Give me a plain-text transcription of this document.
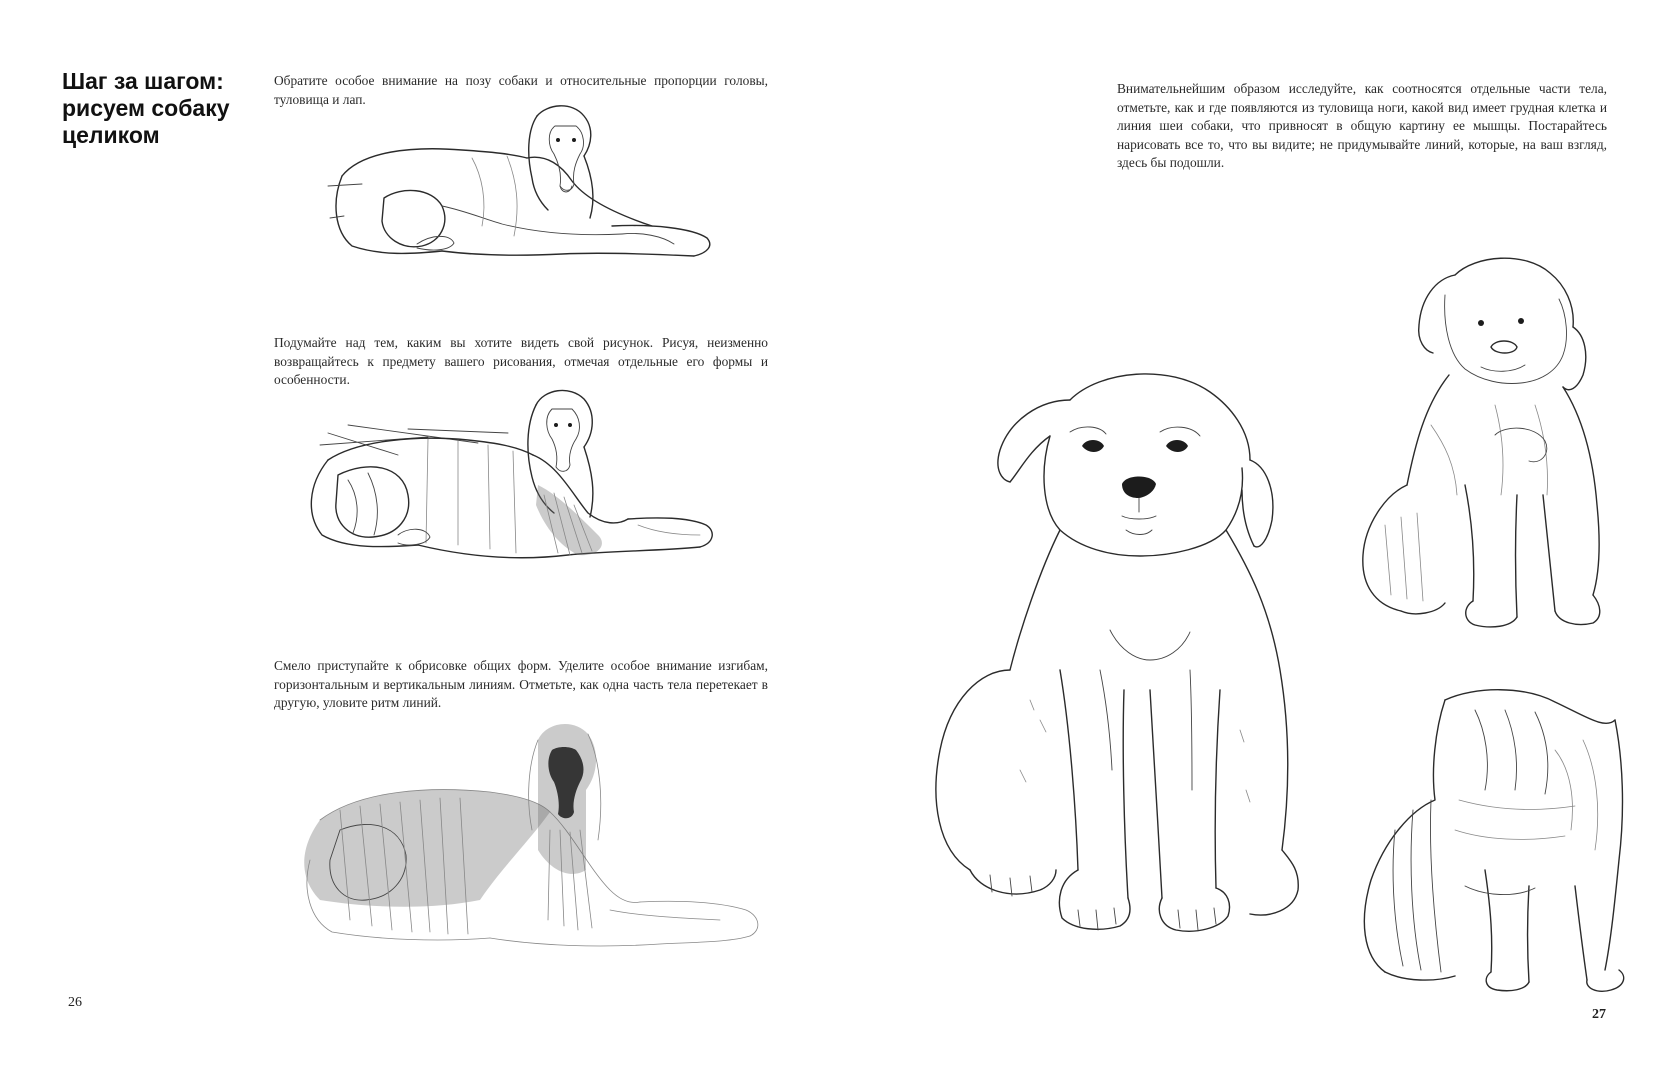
Шаг за шагом:
рисуем собаку
целиком

Обратите особое внимание на позу собаки и относительные пропорции головы, туловища и лап.

Подумайте над тем, каким вы хотите видеть свой рисунок. Рисуя, неизменно возвращайтесь к предмету вашего рисования, отмечая отдельные его формы и особенности.

Смело приступайте к обрисовке общих форм. Уделите особое внимание изгибам, горизонтальным и вертикальным линиям. Отметьте, как одна часть тела перетекает в другую, уловите ритм линий.

26

Внимательнейшим образом исследуйте, как соотносятся отдельные части тела, отметьте, как и где появляются из туловища ноги, какой вид имеет грудная клетка и линия шеи собаки, что привносят в общую картину ее мышцы. Постарайтесь нарисовать все то, что вы видите; не придумывайте линий, которые, на ваш взгляд, здесь бы подошли.

27
